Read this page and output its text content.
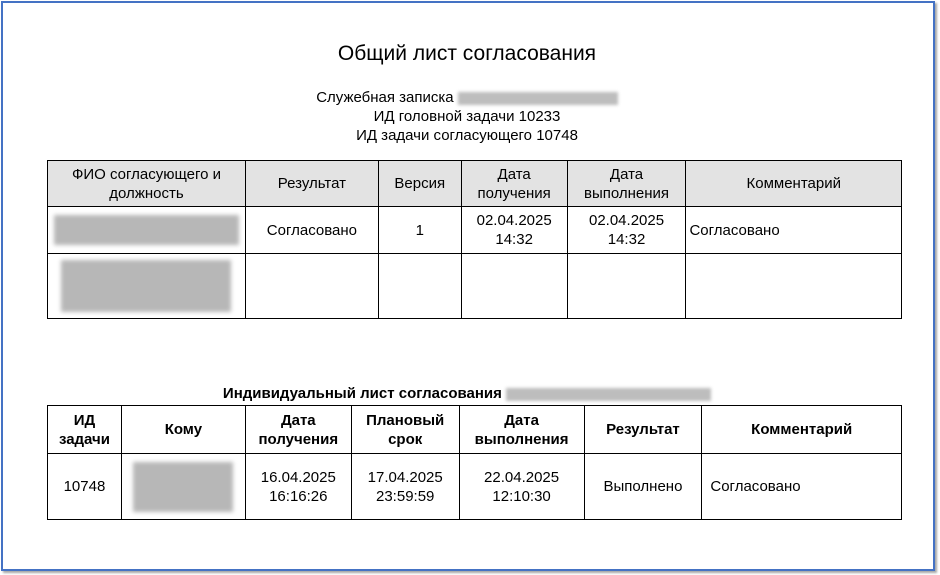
Общий лист согласования
Служебная записка
ИД головной задачи 10233
ИД задачи согласующего 10748
ФИО согласующего и должность	Результат	Версия	Дата получения	Дата выполнения	Комментарий

	Согласовано	1	02.04.2025 14:32	02.04.2025 14:32	Согласовано

Индивидуальный лист согласования
ИД задачи	Кому	Дата получения	Плановый срок	Дата выполнения	Результат	Комментарий
10748		16.04.2025 16:16:26	17.04.2025 23:59:59	22.04.2025 12:10:30	Выполнено	Согласовано
